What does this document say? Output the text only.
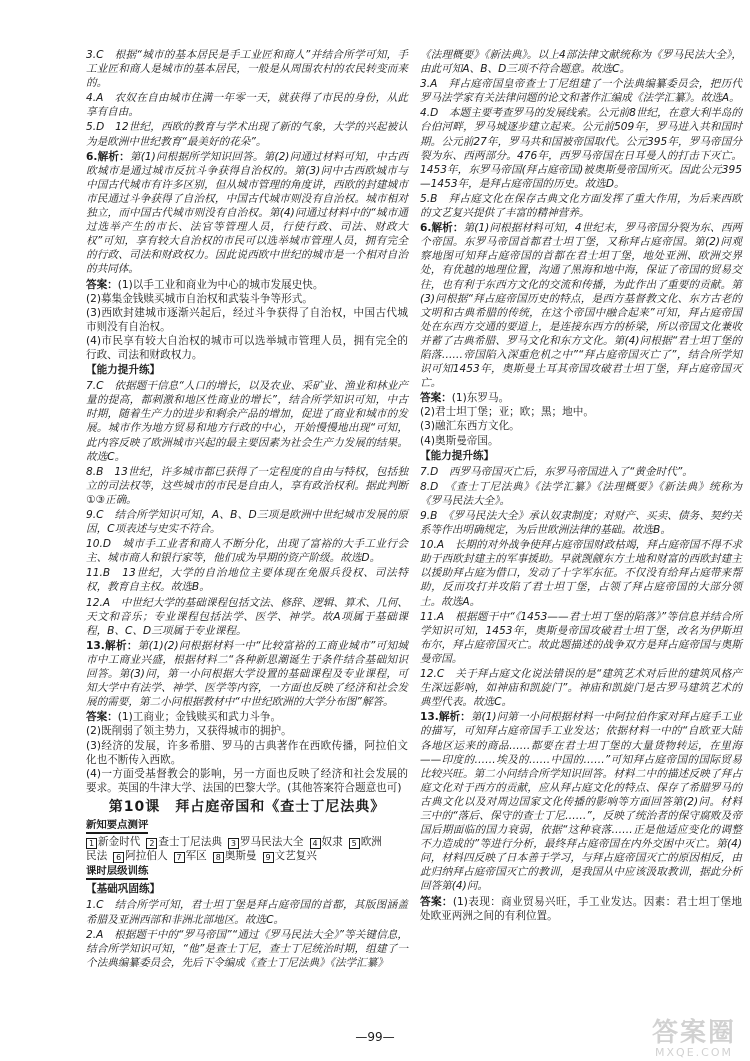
3.C　根据“城市的基本居民是手工业匠和商人”并结合所学可知，手工业匠和商人是城市的基本居民，一般是从周围农村的农民转变而来的。

4.A　农奴在自由城市住满一年零一天，就获得了市民的身份，从此享有自由。

5.D　12世纪，西欧的教育与学术出现了新的气象，大学的兴起被认为是欧洲中世纪教育“最美好的花朵”。

6.解析：第(1)问根据所学知识回答。第(2)问通过材料可知，中古西欧城市是通过城市反抗斗争获得自治权的。第(3)问中古西欧城市与中国古代城市有许多区别，但从城市管理的角度讲，西欧的封建城市市民通过斗争获得了自治权，中国古代城市则没有自治权。城市相对独立，而中国古代城市则没有自治权。第(4)问通过材料中的“城市通过选举产生的市长、法官等管理人员，行使行政、司法、财政大权”可知，享有较大自治权的市民可以选举城市管理人员，拥有完全的行政、司法和财政权力。因此说西欧中世纪的城市是一个相对自治的共同体。

答案：(1)以手工业和商业为中心的城市发展史快。

(2)募集金钱赎买城市自治权和武装斗争等形式。

(3)西欧封建城市逐渐兴起后，经过斗争获得了自治权，中国古代城市则没有自治权。

(4)市民享有较大自治权的城市可以选举城市管理人员，拥有完全的行政、司法和财政权力。

【能力提升练】

7.C　依据题干信息“人口的增长，以及农业、采矿业、渔业和林业产量的提高，都刺激和地区性商业的增长”，结合所学知识可知，中古时期，随着生产力的进步和剩余产品的增加，促进了商业和城市的发展。城市作为地方贸易和地方行政的中心，开始慢慢地出现“可知，此内容反映了欧洲城市兴起的最主要因素为社会生产力发展的结果。故选C。

8.B　13世纪，许多城市都已获得了一定程度的自由与特权，包括独立的司法权等，这些城市的市民是自由人，享有政治权利。据此判断①③正确。

9.C　结合所学知识可知，A、B、D三项是欧洲中世纪城市发展的原因，C项表述与史实不符合。

10.D　城市手工业者和商人不断分化，出现了富裕的大手工业行会主、城市商人和银行家等，他们成为早期的资产阶级。故选D。

11.B　13世纪，大学的自治地位主要体现在免服兵役权、司法特权，教育自主权。故选B。

12.A　中世纪大学的基础课程包括文法、修辞、逻辑、算术、几何、天文和音乐；专业课程包括法学、医学、神学。故A项属于基础课程，B、C、D三项属于专业课程。

13.解析：第(1)(2)问根据材料一中“比较富裕的工商业城市”可知城市中工商业兴盛，根据材料二“各种新思潮诞生于条件结合基础知识回答。第(3)问，第一小问根据大学设置的基础课程及专业课程，可知大学中有法学、神学、医学等内容，一方面也反映了经济和社会发展的需要，第二小问根据教材中“中世纪欧洲的大学分布图”解答。

答案：(1)工商业；金钱赎买和武力斗争。

(2)既削弱了领主势力，又获得城市的拥护。

(3)经济的发展，许多希腊、罗马的古典著作在西欧传播，阿拉伯文化也不断传入西欧。

(4)一方面受基督教会的影响，另一方面也反映了经济和社会发展的要求。英国的牛津大学、法国的巴黎大学。(其他答案符合题意也可)

第10课　拜占庭帝国和《查士丁尼法典》
新知要点测评
1 新金时代 2 查士丁尼法典 3 罗马民法大全 4 奴隶 5 欧洲
民法 6 阿拉伯人 7 军区 8 奥斯曼 9 文艺复兴
课时层级训练
【基础巩固练】

1.C　结合所学可知，君士坦丁堡是拜占庭帝国的首都，其版图涵盖希腊及亚洲西部和非洲北部地区。故选C。

2.A　根据题干中的“罗马帝国”“通过《罗马民法大全》”等关键信息，结合所学知识可知，“他”是查士丁尼，查士丁尼统治时期，组建了一个法典编纂委员会，先后下令编成《查士丁尼法典》《法学汇纂》

《法理概要》《新法典》。以上4部法律文献统称为《罗马民法大全》，由此可知A、B、D三项不符合题意。故选C。

3.A　拜占庭帝国皇帝查士丁尼组建了一个法典编纂委员会，把历代罗马法学家有关法律问题的论文和著作汇编成《法学汇纂》。故选A。

4.D　本题主要考查罗马的发展线索。公元前8世纪，在意大利半岛的台伯河畔，罗马城逐步建立起来。公元前509年，罗马进入共和国时期。公元前27年，罗马共和国被帝国取代。公元395年，罗马帝国分裂为东、西两部分。476年，西罗马帝国在日耳曼人的打击下灭亡。1453年，东罗马帝国(拜占庭帝国)被奥斯曼帝国所灭。因此公元395—1453年，是拜占庭帝国的历史。故选D。

5.B　拜占庭文化在保存古典文化方面发挥了重大作用，为后来西欧的文艺复兴提供了丰富的精神营养。

6.解析：第(1)问根据材料可知，4世纪末，罗马帝国分裂为东、西两个帝国。东罗马帝国首都君士坦丁堡，又称拜占庭帝国。第(2)问观察地图可知拜占庭帝国的首都在君士坦丁堡，地处亚洲、欧洲交界处，有优越的地理位置，沟通了黑海和地中海，保证了帝国的贸易交往，也有利于东西方文化的交流和传播，为此作出了重要的贡献。第(3)问根据“拜占庭帝国历史的特点，是西方基督教文化、东方古老的文明和古典希腊的传统，在这个帝国中融合起来”可知，拜占庭帝国处在东西方交通的要道上，是连接东西方的桥梁，所以帝国文化兼收并蓄了古典希腊、罗马文化和东方文化。第(4)问根据“君士坦丁堡的陷落……帝国陷入深重危机之中”“拜占庭帝国灭亡了”，结合所学知识可知1453年，奥斯曼土耳其帝国攻破君士坦丁堡，拜占庭帝国灭亡。

答案：(1)东罗马。

(2)君士坦丁堡；亚；欧；黑；地中。

(3)融汇东西方文化。

(4)奥斯曼帝国。

【能力提升练】

7.D　西罗马帝国灭亡后，东罗马帝国进入了“黄金时代”。

8.D　《查士丁尼法典》《法学汇纂》《法理概要》《新法典》统称为《罗马民法大全》。

9.B　《罗马民法大全》承认奴隶制度；对财产、买卖、债务、契约关系等作出明确规定，为后世欧洲法律的基础。故选B。

10.A　长期的对外战争使拜占庭帝国财政枯竭，拜占庭帝国不得不求助于西欧封建主的军事援助。早就觊觎东方土地和财富的西欧封建主以援助拜占庭为借口，发动了十字军东征。不仅没有给拜占庭带来帮助，反而攻打并攻陷了君士坦丁堡，占领了拜占庭帝国的大部分领土。故选A。

11.A　根据题干中“《1453——君士坦丁堡的陷落》”等信息并结合所学知识可知，1453年，奥斯曼帝国攻破君士坦丁堡，改名为伊斯坦布尔，拜占庭帝国灭亡。故此题描述的战争双方是拜占庭帝国与奥斯曼帝国。

12.C　关于拜占庭文化说法错误的是“建筑艺术对后世的建筑风格产生深远影响，如神庙和凯旋门”。神庙和凯旋门是古罗马建筑艺术的典型代表。故选C。

13.解析：第(1)问第一小问根据材料一中阿拉伯作家对拜占庭手工业的描写，可知拜占庭帝国手工业发达；依据材料一中的“自欧亚大陆各地区运来的商品……都要在君士坦丁堡的大量货物转运，在里海——印度的……埃及的……中国的……”可知拜占庭帝国的国际贸易比较兴旺。第二小问结合所学知识回答。材料二中的描述反映了拜占庭文化对于西方的贡献，应从拜占庭文化的特点、保存了希腊罗马的古典文化以及对周边国家文化传播的影响等方面回答第(2)问。材料三中的“落后、保守的查士丁尼……”，反映了统治者的保守腐败及帝国后期面临的国力衰弱，依据“这种衰落……正是他适应变化的调整不力造成的”等进行分析，最终拜占庭帝国在内外交困中灭亡。第(4)问，材料四反映了日本善于学习，与拜占庭帝国灭亡的原因相反，由此归纳拜占庭帝国灭亡的教训，是我国从中应该汲取教训，据此分析回答第(4)问。

答案：(1)表现：商业贸易兴旺，手工业发达。因素：君士坦丁堡地处欧亚两洲之间的有利位置。

—99—	答案圈
MXQE.COM
